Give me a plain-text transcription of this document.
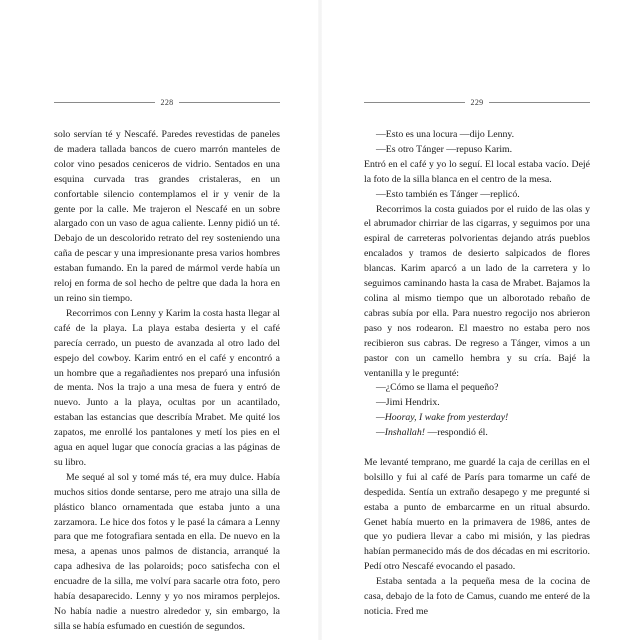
228

solo servían té y Nescafé. Paredes revestidas de paneles de madera tallada bancos de cuero marrón manteles de color vino pesados ceniceros de vidrio. Sentados en una esquina curvada tras grandes cristaleras, en un confortable silencio contemplamos el ir y venir de la gente por la calle. Me trajeron el Nescafé en un sobre alargado con un vaso de agua caliente. Lenny pidió un té. Debajo de un descolorido retrato del rey sosteniendo una caña de pescar y una impresionante presa varios hombres estaban fumando. En la pared de mármol verde había un reloj en forma de sol hecho de peltre que dada la hora en un reino sin tiempo.

Recorrimos con Lenny y Karim la costa hasta llegar al café de la playa. La playa estaba desierta y el café parecía cerrado, un puesto de avanzada al otro lado del espejo del cowboy. Karim entró en el café y encontró a un hombre que a regañadientes nos preparó una infusión de menta. Nos la trajo a una mesa de fuera y entró de nuevo. Junto a la playa, ocultas por un acantilado, estaban las estancias que describía Mrabet. Me quité los zapatos, me enrollé los pantalones y metí los pies en el agua en aquel lugar que conocía gracias a las páginas de su libro.

Me sequé al sol y tomé más té, era muy dulce. Había muchos sitios donde sentarse, pero me atrajo una silla de plástico blanco ornamentada que estaba junto a una zarzamora. Le hice dos fotos y le pasé la cámara a Lenny para que me fotografiara sentada en ella. De nuevo en la mesa, a apenas unos palmos de distancia, arranqué la capa adhesiva de las polaroids; poco satisfecha con el encuadre de la silla, me volví para sacarle otra foto, pero había desaparecido. Lenny y yo nos miramos perplejos. No había nadie a nuestro alrededor y, sin embargo, la silla se había esfumado en cuestión de segundos.

229

—Esto es una locura —dijo Lenny.

—Es otro Tánger —repuso Karim.

Entró en el café y yo lo seguí. El local estaba vacío. Dejé la foto de la silla blanca en el centro de la mesa.

—Esto también es Tánger —replicó.

Recorrimos la costa guiados por el ruido de las olas y el abrumador chirriar de las cigarras, y seguimos por una espiral de carreteras polvorientas dejando atrás pueblos encalados y tramos de desierto salpicados de flores blancas. Karim aparcó a un lado de la carretera y lo seguimos caminando hasta la casa de Mrabet. Bajamos la colina al mismo tiempo que un alborotado rebaño de cabras subía por ella. Para nuestro regocijo nos abrieron paso y nos rodearon. El maestro no estaba pero nos recibieron sus cabras. De regreso a Tánger, vimos a un pastor con un camello hembra y su cría. Bajé la ventanilla y le pregunté:

—¿Cómo se llama el pequeño?

—Jimi Hendrix.

—Hooray, I wake from yesterday!

—Inshallah! —respondió él.

Me levanté temprano, me guardé la caja de cerillas en el bolsillo y fui al café de París para tomarme un café de despedida. Sentía un extraño desapego y me pregunté si estaba a punto de embarcarme en un ritual absurdo. Genet había muerto en la primavera de 1986, antes de que yo pudiera llevar a cabo mi misión, y las piedras habían permanecido más de dos décadas en mi escritorio. Pedí otro Nescafé evocando el pasado.

Estaba sentada a la pequeña mesa de la cocina de casa, debajo de la foto de Camus, cuando me enteré de la noticia. Fred me
